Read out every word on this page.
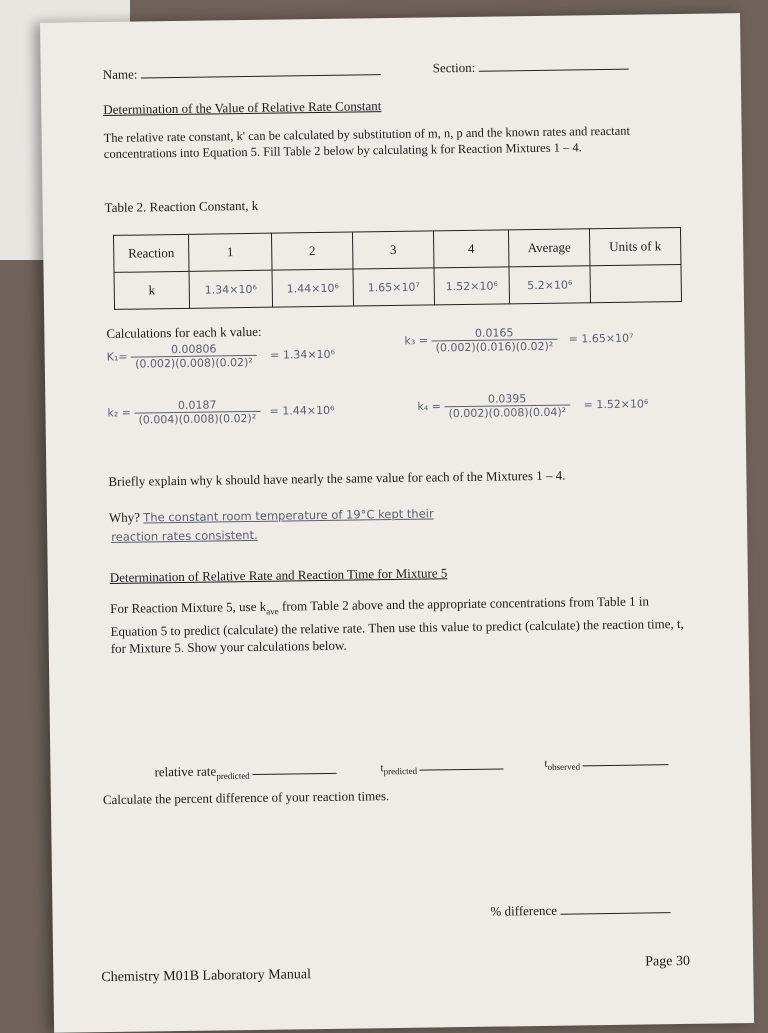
Name:	Section:
Determination of the Value of Relative Rate Constant
The relative rate constant, k' can be calculated by substitution of m, n, p and the known rates and reactant concentrations into Equation 5. Fill Table 2 below by calculating k for Reaction Mixtures 1 – 4.
Table 2. Reaction Constant, k
Reaction	1	2	3	4	Average	Units of k
k	1.34×10⁶	1.44×10⁶	1.65×10⁷	1.52×10⁶	5.2×10⁶	
Calculations for each k value:
$K_1= \frac{0.00806}{\text{(0.002)(0.008)(0.02)²}} = 1.34\times 10^6$
$k_3 = \frac{0.0165}{\text{(0.002)(0.016)(0.02)²}} = 1.65\times 10^7$
$k_2 = \frac{0.0187}{\text{(0.004)(0.008)(0.02)²}} = 1.44\times 10^6$	$k_4 = \frac{0.0395}{\text{(0.002)(0.008)(0.04)²}} = 1.52\times 10^6$
Briefly explain why k should have nearly the same value for each of the Mixtures 1 – 4.
Why? The constant room temperature of 19°C kept their
reaction rates consistent.
Determination of Relative Rate and Reaction Time for Mixture 5
For Reaction Mixture 5, use $k_{ave}$ from Table 2 above and the appropriate concentrations from Table 1 in Equation 5 to predict (calculate) the relative rate. Then use this value to predict (calculate) the reaction time, t, for Mixture 5. Show your calculations below.
relative rate$_{predicted}$
$t_{predicted}$
$t_{observed}$
Calculate the percent difference of your reaction times.
% difference
Chemistry M01B Laboratory Manual
Page 30
